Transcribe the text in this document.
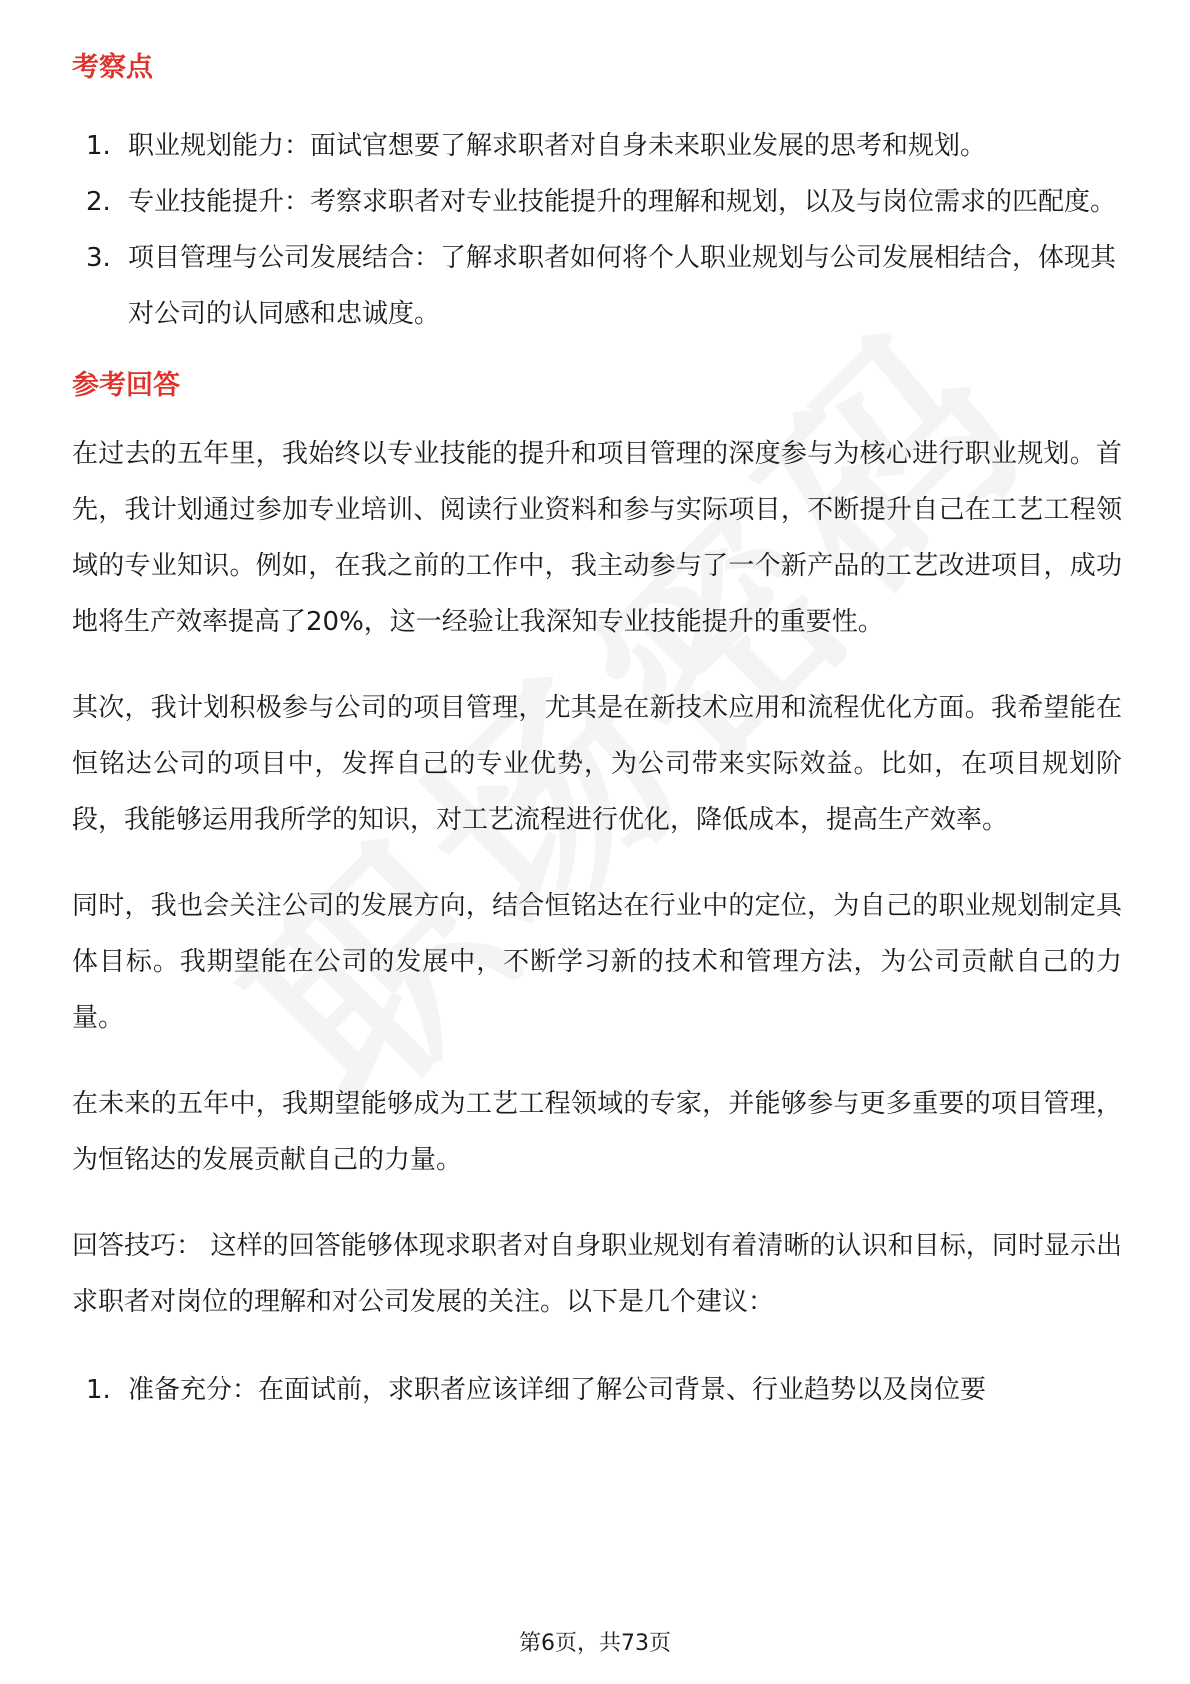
考察点
1. 职业规划能力：面试官想要了解求职者对自身未来职业发展的思考和规划。
2. 专业技能提升：考察求职者对专业技能提升的理解和规划，以及与岗位需求的匹配度。
3. 项目管理与公司发展结合：了解求职者如何将个人职业规划与公司发展相结合，体现其对公司的认同感和忠诚度。
参考回答

在过去的五年里，我始终以专业技能的提升和项目管理的深度参与为核心进行职业规划。首先，我计划通过参加专业培训、阅读行业资料和参与实际项目，不断提升自己在工艺工程领域的专业知识。例如，在我之前的工作中，我主动参与了一个新产品的工艺改进项目，成功地将生产效率提高了20%，这一经验让我深知专业技能提升的重要性。

其次，我计划积极参与公司的项目管理，尤其是在新技术应用和流程优化方面。我希望能在恒铭达公司的项目中，发挥自己的专业优势，为公司带来实际效益。比如，在项目规划阶段，我能够运用我所学的知识，对工艺流程进行优化，降低成本，提高生产效率。

同时，我也会关注公司的发展方向，结合恒铭达在行业中的定位，为自己的职业规划制定具体目标。我期望能在公司的发展中，不断学习新的技术和管理方法，为公司贡献自己的力量。

在未来的五年中，我期望能够成为工艺工程领域的专家，并能够参与更多重要的项目管理，为恒铭达的发展贡献自己的力量。

回答技巧： 这样的回答能够体现求职者对自身职业规划有着清晰的认识和目标，同时显示出求职者对岗位的理解和对公司发展的关注。以下是几个建议：

1. 准备充分：在面试前，求职者应该详细了解公司背景、行业趋势以及岗位要
第6页，共73页
